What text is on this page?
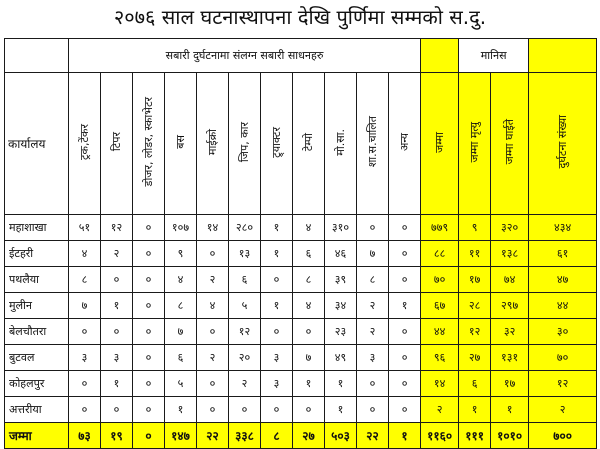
२०७६ साल घटनास्थापना देखि पुर्णिमा सम्मको स.दु.
	सबारी दुर्घटनामा संलग्न सबारी साधनहरु												मानिस		
कार्यालय	ट्रक,टेंकर	टिपर	डोजर, लोडर, स्काभेटर	बस	माईक्रो	जिप, कार	ट्र्याक्टर	टेम्पो	मो.सा.	शा.स.चालित	अन्य	जम्मा	जम्मा मृत्यु	जम्मा घाईते	दुर्घटना संख्या
महाशाखा	५१	१२	०	१०७	१४	२८०	१	४	३१०	०	०	७७९	९	३२०	४३४
ईटहरी	४	२	०	९	०	१३	१	६	४६	७	०	८८	११	१३८	६१
पथलैया	८	०	०	४	२	६	०	८	३९	८	०	७०	१७	७४	४७
मुलीन	७	१	०	८	४	५	१	४	३४	२	१	६७	२८	२९७	४४
बेलचौतरा	०	०	०	७	०	१२	०	०	२३	२	०	४४	१२	३२	३०
बुटवल	३	३	०	६	२	२०	३	७	४९	३	०	९६	२७	१३१	७०
कोहलपुर	०	१	०	५	०	२	३	१	१	०	०	१४	६	१७	१२
अत्तरीया	०	०	०	१	०	०	०	०	१	०	०	२	१	१	२
जम्मा	७३	१९	०	१४७	२२	३३८	८	२७	५०३	२२	१	११६०	१११	१०१०	७००
